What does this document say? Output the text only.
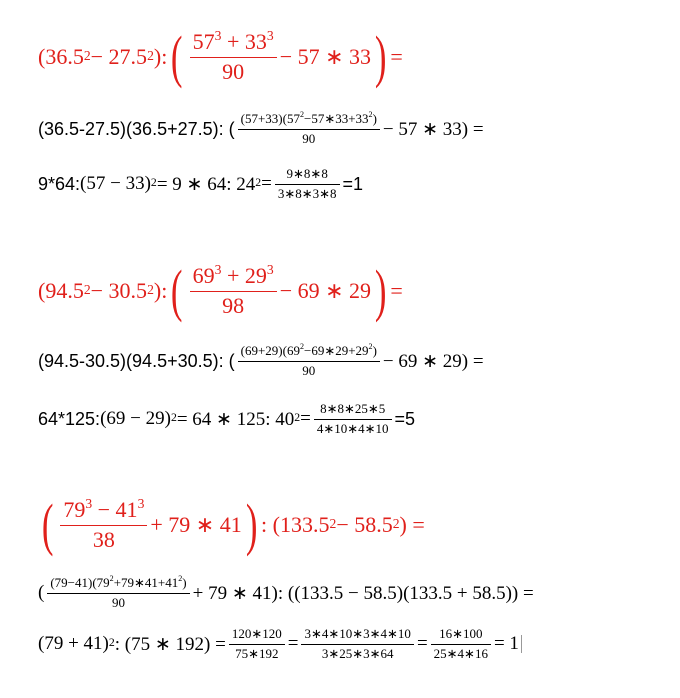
($36.5^2 - 27.5^2$ ): ( $\frac{57^3 + 33^3}{90} - 57$ ∗ 33 ) =
(36.5-27.5)(36.5+27.5): ( $\frac{(57+33)(57^2-57∗33+33^2)}{90} - 57$ ∗ 33) =
9*64: $(57 - 33)^2 = 9$ ∗ 64: $24^2 = \frac{9∗8∗8}{3∗8∗3∗8} =1$
($94.5^2 - 30.5^2$ ): ( $\frac{69^3 + 29^3}{98} - 69$ ∗ 29 ) =
(94.5-30.5)(94.5+30.5): ( $\frac{(69+29)(69^2-69∗29+29^2)}{90} - 69$ ∗ 29) =
64*125: $(69 - 29)^2 = 64$ ∗ 125: $40^2 = \frac{8∗8∗25∗5}{4∗10∗4∗10} =5$
( $\frac{79^3 - 41^3}{38} + 79$ ∗ 41 ) : ($133.5^2 - 58.5^2$ ) =
( $\frac{(79-41)(79^2+79∗41+41^2)}{90} + 79$ ∗ 41): ((133.5 − 58.5)(133.5 + 58.5)) =
$(79 + 41)^2$ : (75 ∗ $192) = \frac{120∗120}{75∗192} = \frac{3∗4∗10∗3∗4∗10}{3∗25∗3∗64} = \frac{16∗100}{25∗4∗16} = 1$
